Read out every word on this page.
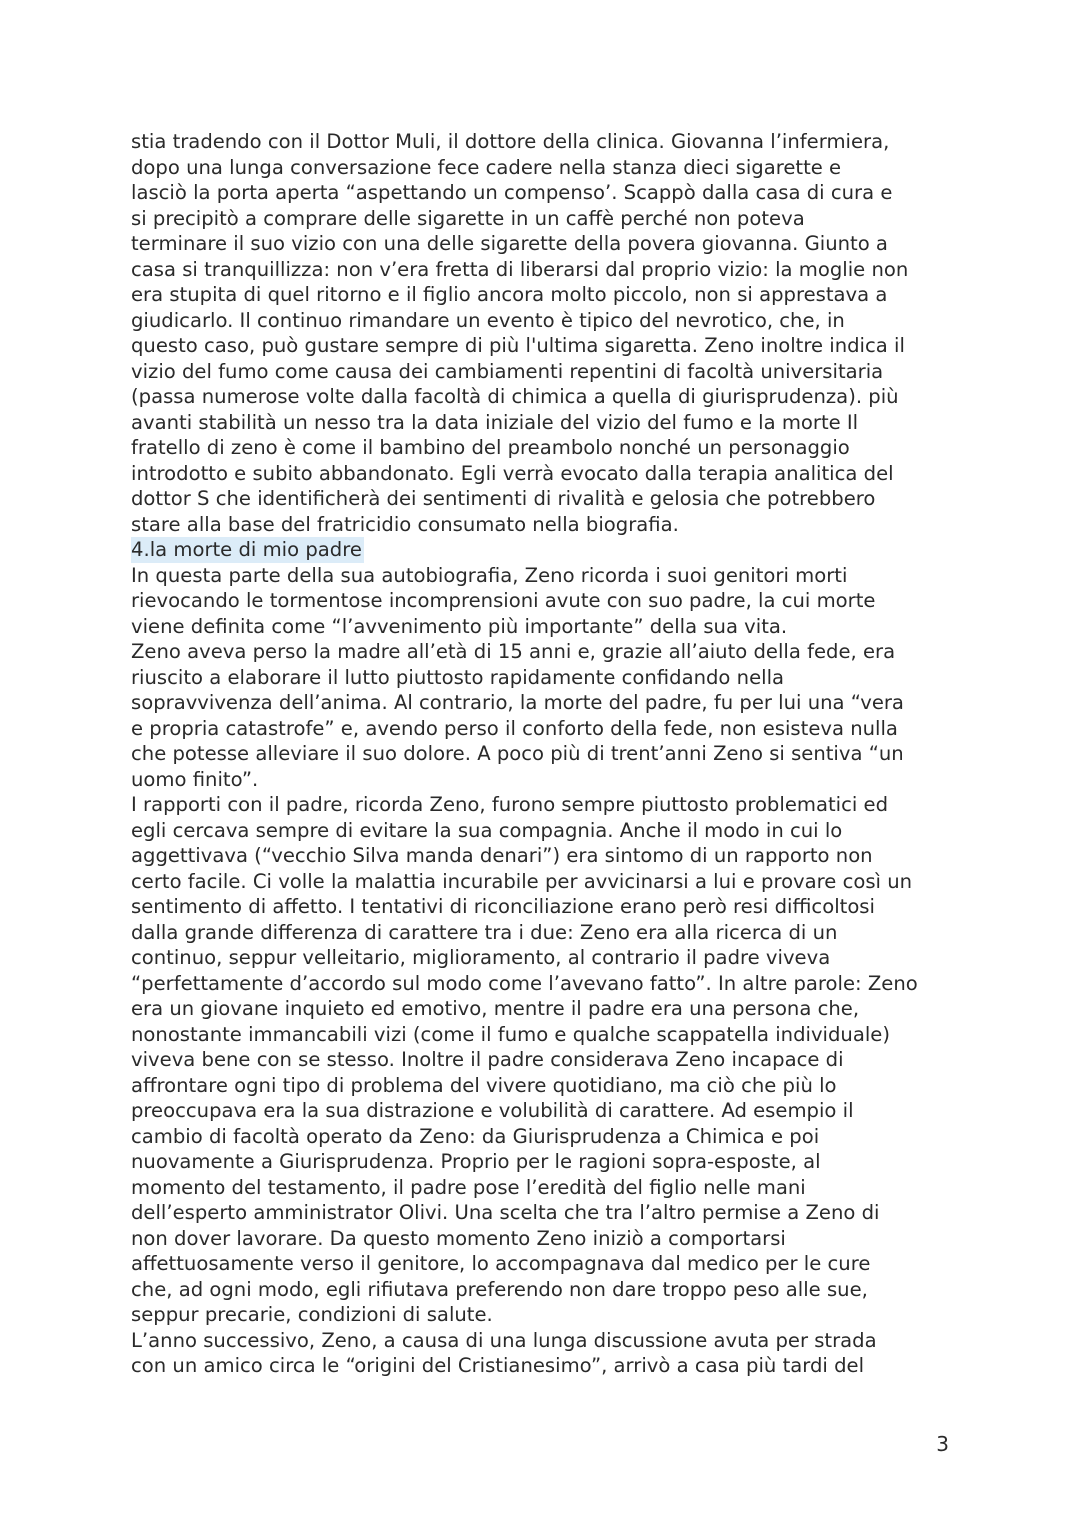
stia tradendo con il Dottor Muli, il dottore della clinica. Giovanna l’infermiera,
dopo una lunga conversazione fece cadere nella stanza dieci sigarette e
lasciò la porta aperta “aspettando un compenso’. Scappò dalla casa di cura e
si precipitò a comprare delle sigarette in un caffè perché non poteva
terminare il suo vizio con una delle sigarette della povera giovanna. Giunto a
casa si tranquillizza: non v’era fretta di liberarsi dal proprio vizio: la moglie non
era stupita di quel ritorno e il figlio ancora molto piccolo, non si apprestava a
giudicarlo. Il continuo rimandare un evento è tipico del nevrotico, che, in
questo caso, può gustare sempre di più l'ultima sigaretta. Zeno inoltre indica il
vizio del fumo come causa dei cambiamenti repentini di facoltà universitaria
(passa numerose volte dalla facoltà di chimica a quella di giurisprudenza). più
avanti stabilità un nesso tra la data iniziale del vizio del fumo e la morte Il
fratello di zeno è come il bambino del preambolo nonché un personaggio
introdotto e subito abbandonato. Egli verrà evocato dalla terapia analitica del
dottor S che identificherà dei sentimenti di rivalità e gelosia che potrebbero
stare alla base del fratricidio consumato nella biografia.
4.la morte di mio padre
In questa parte della sua autobiografia, Zeno ricorda i suoi genitori morti
rievocando le tormentose incomprensioni avute con suo padre, la cui morte
viene definita come “l’avvenimento più importante” della sua vita.
Zeno aveva perso la madre all’età di 15 anni e, grazie all’aiuto della fede, era
riuscito a elaborare il lutto piuttosto rapidamente confidando nella
sopravvivenza dell’anima. Al contrario, la morte del padre, fu per lui una “vera
e propria catastrofe” e, avendo perso il conforto della fede, non esisteva nulla
che potesse alleviare il suo dolore. A poco più di trent’anni Zeno si sentiva “un
uomo finito”.
I rapporti con il padre, ricorda Zeno, furono sempre piuttosto problematici ed
egli cercava sempre di evitare la sua compagnia. Anche il modo in cui lo
aggettivava (“vecchio Silva manda denari”) era sintomo di un rapporto non
certo facile. Ci volle la malattia incurabile per avvicinarsi a lui e provare così un
sentimento di affetto. I tentativi di riconciliazione erano però resi difficoltosi
dalla grande differenza di carattere tra i due: Zeno era alla ricerca di un
continuo, seppur velleitario, miglioramento, al contrario il padre viveva
“perfettamente d’accordo sul modo come l’avevano fatto”. In altre parole: Zeno
era un giovane inquieto ed emotivo, mentre il padre era una persona che,
nonostante immancabili vizi (come il fumo e qualche scappatella individuale)
viveva bene con se stesso. Inoltre il padre considerava Zeno incapace di
affrontare ogni tipo di problema del vivere quotidiano, ma ciò che più lo
preoccupava era la sua distrazione e volubilità di carattere. Ad esempio il
cambio di facoltà operato da Zeno: da Giurisprudenza a Chimica e poi
nuovamente a Giurisprudenza. Proprio per le ragioni sopra-esposte, al
momento del testamento, il padre pose l’eredità del figlio nelle mani
dell’esperto amministrator Olivi. Una scelta che tra l’altro permise a Zeno di
non dover lavorare. Da questo momento Zeno iniziò a comportarsi
affettuosamente verso il genitore, lo accompagnava dal medico per le cure
che, ad ogni modo, egli rifiutava preferendo non dare troppo peso alle sue,
seppur precarie, condizioni di salute.
L’anno successivo, Zeno, a causa di una lunga discussione avuta per strada
con un amico circa le “origini del Cristianesimo”, arrivò a casa più tardi del
3
